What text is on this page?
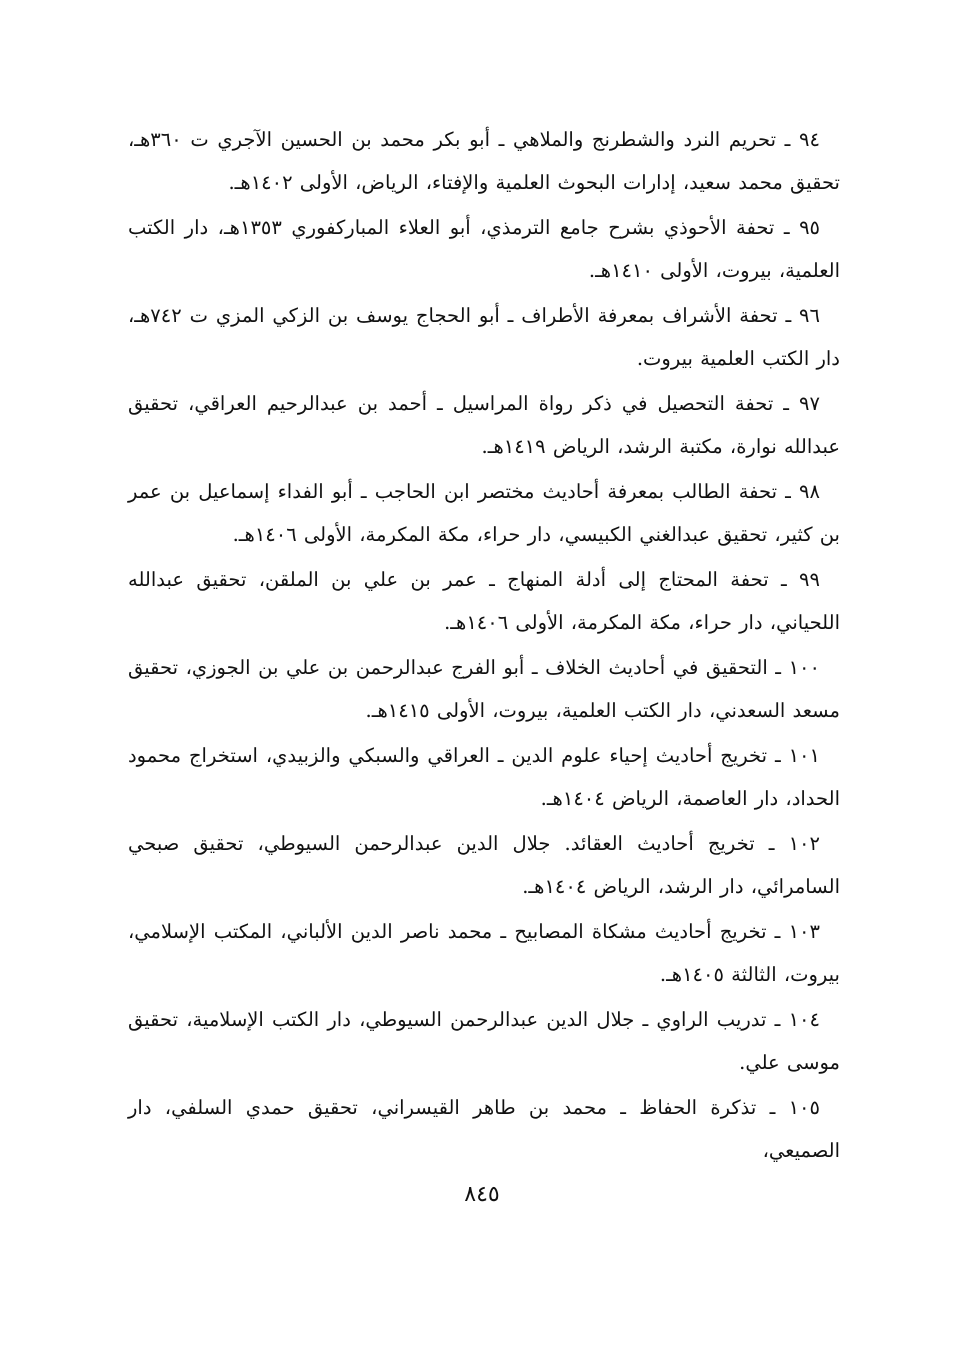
٩٤ ـ تحريم النرد والشطرنج والملاهي ـ أبو بكر محمد بن الحسين الآجري ت ٣٦٠هـ، تحقيق محمد سعيد، إدارات البحوث العلمية والإفتاء، الرياض، الأولى ١٤٠٢هـ.

٩٥ ـ تحفة الأحوذي بشرح جامع الترمذي، أبو العلاء المباركفوري ١٣٥٣هـ، دار الكتب العلمية، بيروت، الأولى ١٤١٠هـ.

٩٦ ـ تحفة الأشراف بمعرفة الأطراف ـ أبو الحجاج يوسف بن الزكي المزي ت ٧٤٢هـ، دار الكتب العلمية بيروت.

٩٧ ـ تحفة التحصيل في ذكر رواة المراسيل ـ أحمد بن عبدالرحيم العراقي، تحقيق عبدالله نوارة، مكتبة الرشد، الرياض ١٤١٩هـ.

٩٨ ـ تحفة الطالب بمعرفة أحاديث مختصر ابن الحاجب ـ أبو الفداء إسماعيل بن عمر بن كثير، تحقيق عبدالغني الكبيسي، دار حراء، مكة المكرمة، الأولى ١٤٠٦هـ.

٩٩ ـ تحفة المحتاج إلى أدلة المنهاج ـ عمر بن علي بن الملقن، تحقيق عبدالله اللحياني، دار حراء، مكة المكرمة، الأولى ١٤٠٦هـ.

١٠٠ ـ التحقيق في أحاديث الخلاف ـ أبو الفرج عبدالرحمن بن علي بن الجوزي، تحقيق مسعد السعدني، دار الكتب العلمية، بيروت، الأولى ١٤١٥هـ.

١٠١ ـ تخريج أحاديث إحياء علوم الدين ـ العراقي والسبكي والزبيدي، استخراج محمود الحداد، دار العاصمة، الرياض ١٤٠٤هـ.

١٠٢ ـ تخريج أحاديث العقائد. جلال الدين عبدالرحمن السيوطي، تحقيق صبحي السامرائي، دار الرشد، الرياض ١٤٠٤هـ.

١٠٣ ـ تخريج أحاديث مشكاة المصابيح ـ محمد ناصر الدين الألباني، المكتب الإسلامي، بيروت، الثالثة ١٤٠٥هـ.

١٠٤ ـ تدريب الراوي ـ جلال الدين عبدالرحمن السيوطي، دار الكتب الإسلامية، تحقيق موسى علي.

١٠٥ ـ تذكرة الحفاظ ـ محمد بن طاهر القيسراني، تحقيق حمدي السلفي، دار الصميعي،

٨٤٥
